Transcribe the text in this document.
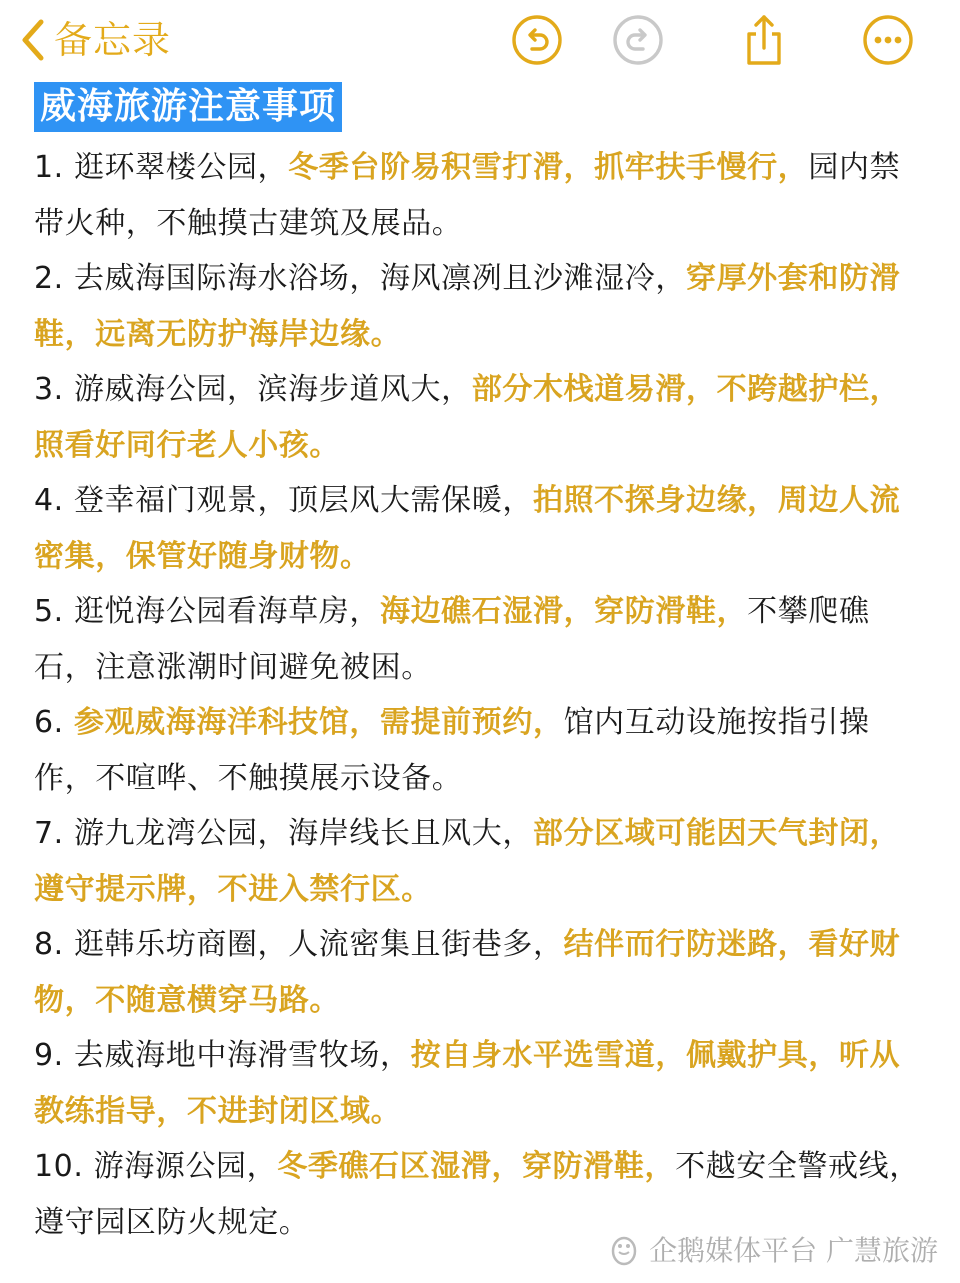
备忘录
威海旅游注意事项
1. 逛环翠楼公园，冬季台阶易积雪打滑，抓牢扶手慢行，园内禁带火种，不触摸古建筑及展品。
2. 去威海国际海水浴场，海风凛冽且沙滩湿冷，穿厚外套和防滑鞋，远离无防护海岸边缘。
3. 游威海公园，滨海步道风大，部分木栈道易滑，不跨越护栏，照看好同行老人小孩。
4. 登幸福门观景，顶层风大需保暖，拍照不探身边缘，周边人流密集，保管好随身财物。
5. 逛悦海公园看海草房，海边礁石湿滑，穿防滑鞋，不攀爬礁石，注意涨潮时间避免被困。
6. 参观威海海洋科技馆，需提前预约，馆内互动设施按指引操作，不喧哗、不触摸展示设备。
7. 游九龙湾公园，海岸线长且风大，部分区域可能因天气封闭，遵守提示牌，不进入禁行区。
8. 逛韩乐坊商圈，人流密集且街巷多，结伴而行防迷路，看好财物，不随意横穿马路。
9. 去威海地中海滑雪牧场，按自身水平选雪道，佩戴护具，听从教练指导，不进封闭区域。
10. 游海源公园，冬季礁石区湿滑，穿防滑鞋，不越安全警戒线，遵守园区防火规定。
企鹅媒体平台 广慧旅游
